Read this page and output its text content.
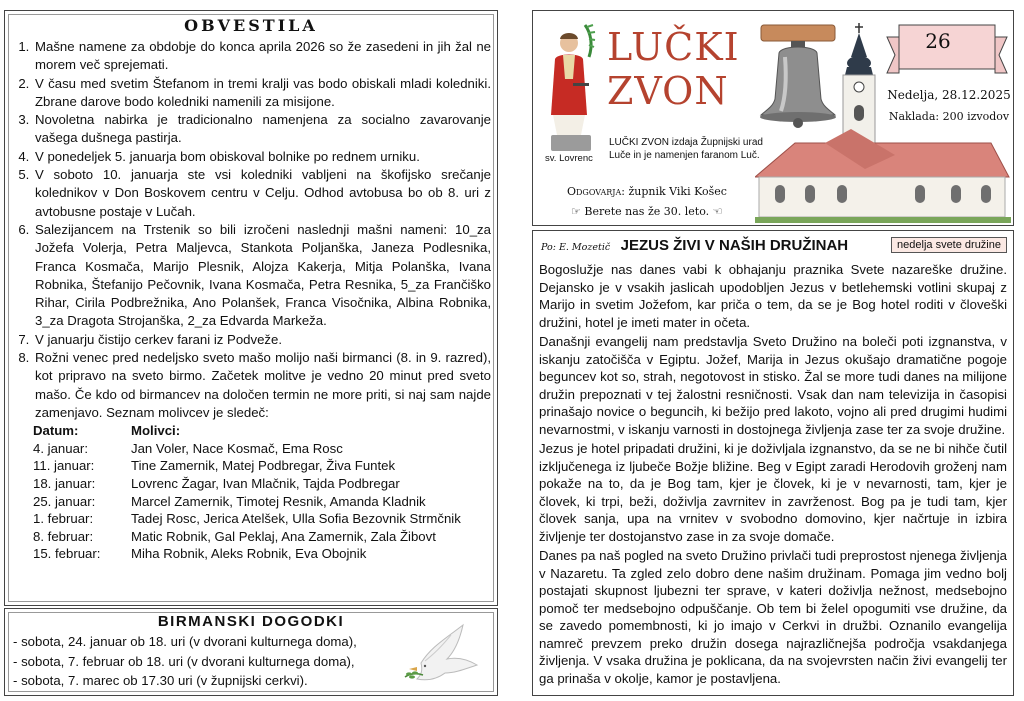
OBVESTILA
1. Mašne namene za obdobje do konca aprila 2026 so že zasedeni in jih žal ne morem več sprejemati.
2. V času med svetim Štefanom in tremi kralji vas bodo obiskali mladi koledniki. Zbrane darove bodo koledniki namenili za misijone.
3. Novoletna nabirka je tradicionalno namenjena za socialno zavarovanje vašega dušnega pastirja.
4. V ponedeljek 5. januarja bom obiskoval bolnike po rednem urniku.
5. V soboto 10. januarja ste vsi koledniki vabljeni na škofijsko srečanje kolednikov v Don Boskovem centru v Celju. Odhod avtobusa bo ob 8. uri z avtobusne postaje v Lučah.
6. Salezijancem na Trstenik so bili izročeni naslednji mašni nameni: 10_za Jožefa Volerja, Petra Maljevca, Stankota Poljanška, Janeza Podlesnika, Franca Kosmača, Marijo Plesnik, Alojza Kakerja, Mitja Polanška, Ivana Robnika, Štefanijo Pečovnik, Ivana Kosmača, Petra Resnika, 5_za Frančiško Rihar, Cirila Podbrežnika, Ano Polanšek, Franca Visočnika, Albina Robnika, 3_za Dragota Strojanška, 2_za Edvarda Markeža.
7. V januarju čistijo cerkev farani iz Podveže.
8. Rožni venec pred nedeljsko sveto mašo molijo naši birmanci (8. in 9. razred), kot pripravo na sveto birmo. Začetek molitve je vedno 20 minut pred sveto mašo. Če kdo od birmancev na določen termin ne more priti, si naj sam najde zamenjavo. Seznam molivcev je sledeč:
Datum:	Molivci:
4. januar:	Jan Voler, Nace Kosmač, Ema Rosc
11. januar:	Tine Zamernik, Matej Podbregar, Živa Funtek
18. januar:	Lovrenc Žagar, Ivan Mlačnik, Tajda Podbregar
25. januar:	Marcel Zamernik, Timotej Resnik, Amanda Kladnik
1. februar:	Tadej Rosc, Jerica Atelšek, Ulla Sofia Bezovnik Strmčnik
8. februar:	Matic Robnik, Gal Peklaj, Ana Zamernik, Zala Žibovt
15. februar:	Miha Robnik, Aleks Robnik, Eva Obojnik
BIRMANSKI DOGODKI
- sobota, 24. januar ob 18. uri (v dvorani kulturnega doma),
- sobota, 7. februar ob 18. uri (v dvorani kulturnega doma),
- sobota, 7. marec ob 17.30 uri (v župnijski cerkvi).
LUČKI
ZVON
sv. Lovrenc
LUČKI ZVON izdaja Župnijski urad Luče in je namenjen faranom Luč.
26
Nedelja, 28.12.2025
Naklada: 200 izvodov
Odgovarja: župnik Viki Košec
☞ Berete nas že 30. leto. ☜
Po: E. Mozetič JEZUS ŽIVI V NAŠIH DRUŽINAH	nedelja svete družine

Bogoslužje nas danes vabi k obhajanju praznika Svete nazareške družine. Dejansko je v vsakih jaslicah upodobljen Jezus v betlehemski votlini skupaj z Marijo in svetim Jožefom, kar priča o tem, da se je Bog hotel roditi v človeški družini, hotel je imeti mater in očeta.

Današnji evangelij nam predstavlja Sveto Družino na boleči poti izgnanstva, v iskanju zatočišča v Egiptu. Jožef, Marija in Jezus okušajo dramatične pogoje beguncev kot so, strah, negotovost in stisko. Žal se more tudi danes na milijone družin prepoznati v tej žalostni resničnosti. Vsak dan nam televizija in časopisi prinašajo novice o beguncih, ki bežijo pred lakoto, vojno ali pred drugimi hudimi nevarnostmi, v iskanju varnosti in dostojnega življenja zase ter za svoje družine.

Jezus je hotel pripadati družini, ki je doživljala izgnanstvo, da se ne bi nihče čutil izključenega iz ljubeče Božje bližine. Beg v Egipt zaradi Herodovih groženj nam pokaže na to, da je Bog tam, kjer je človek, ki je v nevarnosti, tam, kjer je človek, ki trpi, beži, doživlja zavrnitev in zavrženost. Bog pa je tudi tam, kjer človek sanja, upa na vrnitev v svobodno domovino, kjer načrtuje in izbira življenje ter dostojanstvo zase in za svoje domače.

Danes pa naš pogled na sveto Družino privlači tudi preprostost njenega življenja v Nazaretu. Ta zgled zelo dobro dene našim družinam. Pomaga jim vedno bolj postajati skupnost ljubezni ter sprave, v kateri doživlja nežnost, medsebojno pomoč ter medsebojno odpuščanje. Ob tem bi želel opogumiti vse družine, da se zavedo pomembnosti, ki jo imajo v Cerkvi in družbi. Oznanilo evangelija namreč prevzem preko družin dosega najrazličnejša področja vsakdanjega življenja. V vsaka družina je poklicana, da na svojevrsten način živi evangelij ter ga prinaša v okolje, kamor je postavljena.
